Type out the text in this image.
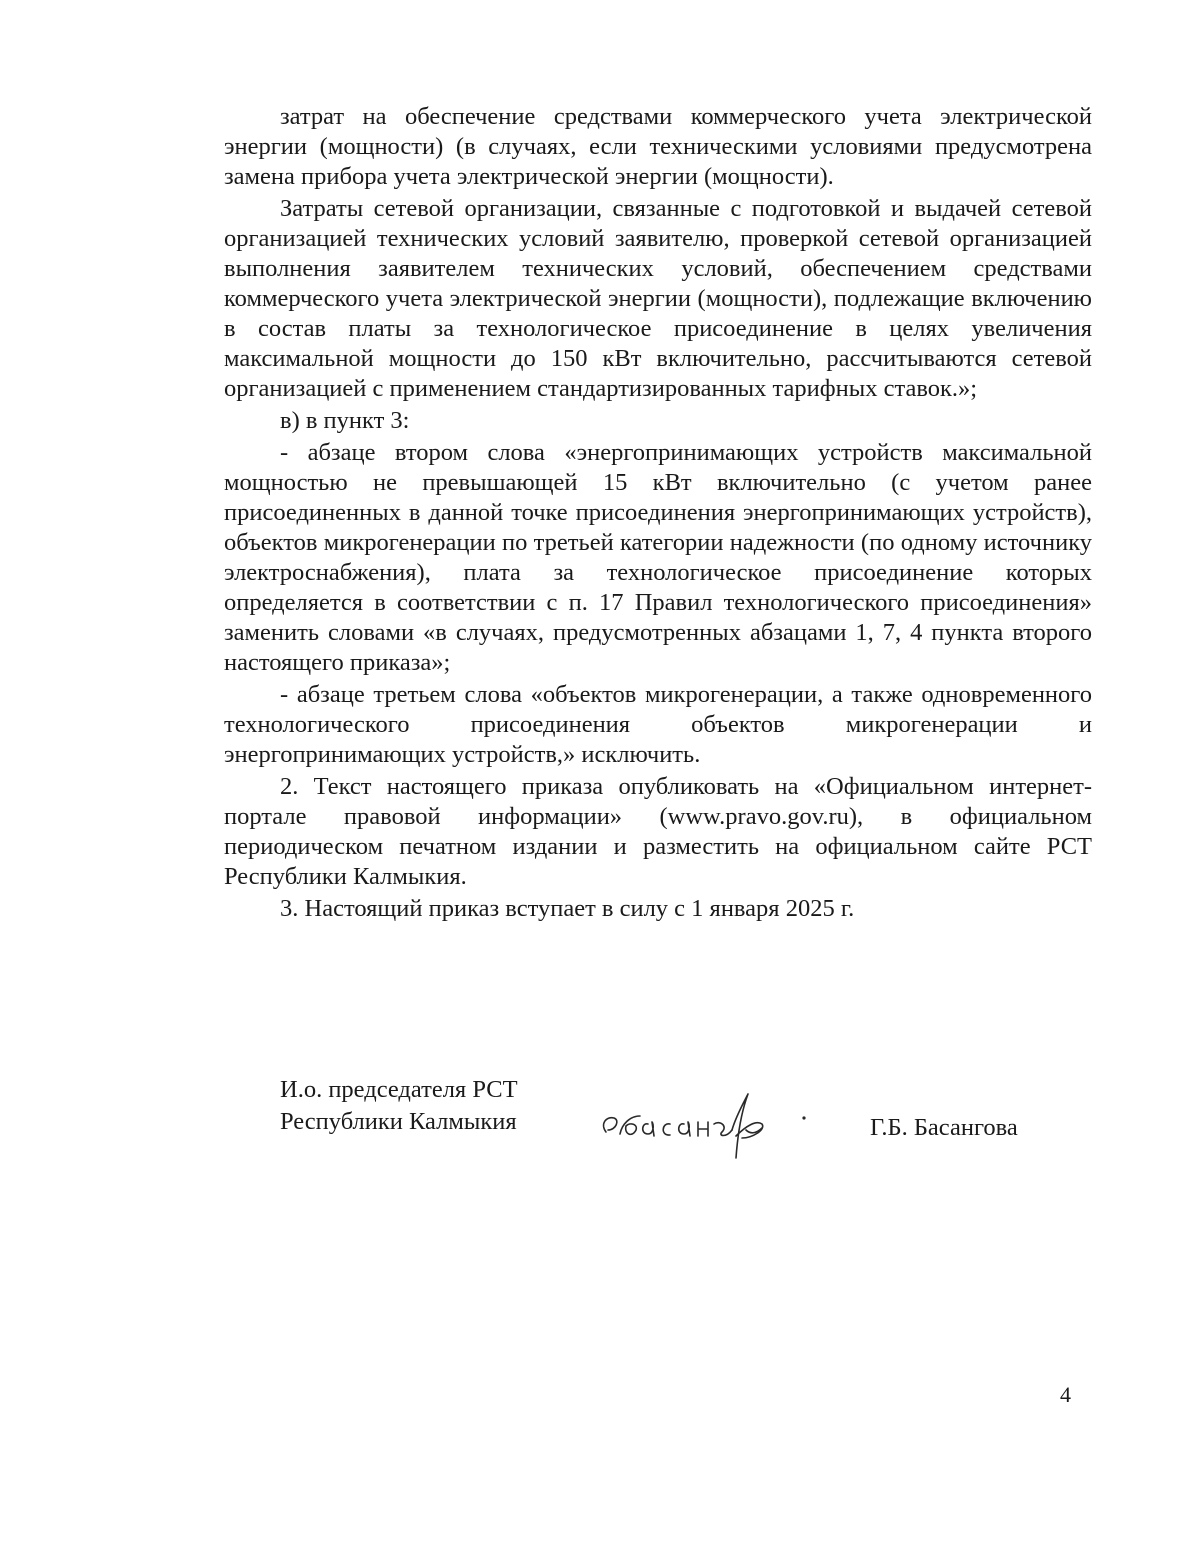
затрат на обеспечение средствами коммерческого учета электрической энергии (мощности) (в случаях, если техническими условиями предусмотрена замена прибора учета электрической энергии (мощности).

Затраты сетевой организации, связанные с подготовкой и выдачей сетевой организацией технических условий заявителю, проверкой сетевой организацией выполнения заявителем технических условий, обеспечением средствами коммерческого учета электрической энергии (мощности), подлежащие включению в состав платы за технологическое присоединение в целях увеличения максимальной мощности до 150 кВт включительно, рассчитываются сетевой организацией с применением стандартизированных тарифных ставок.»;

в) в пункт 3:

- абзаце втором слова «энергопринимающих устройств максимальной мощностью не превышающей 15 кВт включительно (с учетом ранее присоединенных в данной точке присоединения энергопринимающих устройств), объектов микрогенерации по третьей категории надежности (по одному источнику электроснабжения), плата за технологическое присоединение которых определяется в соответствии с п. 17 Правил технологического присоединения» заменить словами «в случаях, предусмотренных абзацами 1, 7, 4 пункта второго настоящего приказа»;

- абзаце третьем слова «объектов микрогенерации, а также одновременного технологического присоединения объектов микрогенерации и энергопринимающих устройств,» исключить.

2. Текст настоящего приказа опубликовать на «Официальном интернет-портале правовой информации» (www.pravo.gov.ru), в официальном периодическом печатном издании и разместить на официальном сайте РСТ Республики Калмыкия.

3. Настоящий приказ вступает в силу с 1 января 2025 г.

И.о. председателя РСТ
Республики Калмыкия	Г.Б. Басангова
4
